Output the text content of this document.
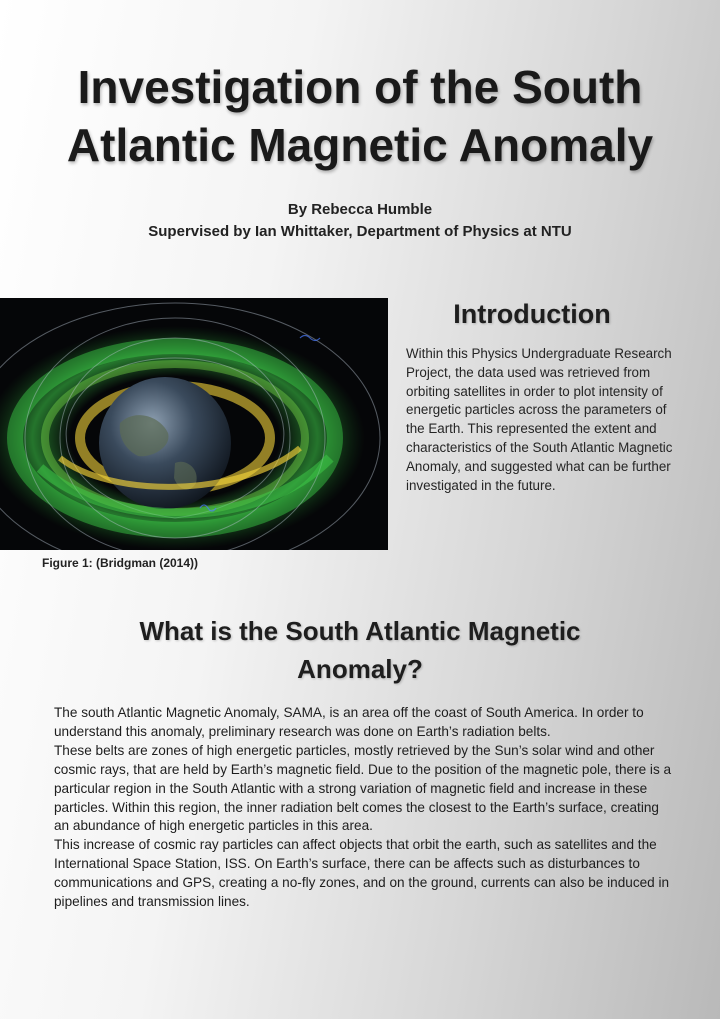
Investigation of the South
Atlantic Magnetic Anomaly
By Rebecca Humble
Supervised by Ian Whittaker, Department of Physics at NTU
Figure 1: (Bridgman (2014))
Introduction
Within this Physics Undergraduate Research Project, the data used was retrieved from orbiting satellites in order to plot intensity of energetic particles across the parameters of the Earth. This represented the extent and characteristics of the South Atlantic Magnetic Anomaly, and suggested what can be further investigated in the future.
What is the South Atlantic Magnetic
Anomaly?

The south Atlantic Magnetic Anomaly, SAMA, is an area off the coast of South America. In order to understand this anomaly, preliminary research was done on Earth’s radiation belts.

These belts are zones of high energetic particles, mostly retrieved by the Sun’s solar wind and other cosmic rays, that are held by Earth’s magnetic field. Due to the position of the magnetic pole, there is a particular region in the South Atlantic with a strong variation of magnetic field and increase in these particles. Within this region, the inner radiation belt comes the closest to the Earth’s surface, creating an abundance of high energetic particles in this area.

This increase of cosmic ray particles can affect objects that orbit the earth, such as satellites and the International Space Station, ISS. On Earth’s surface, there can be affects such as disturbances to communications and GPS, creating a no-fly zones, and on the ground, currents can also be induced in pipelines and transmission lines.
